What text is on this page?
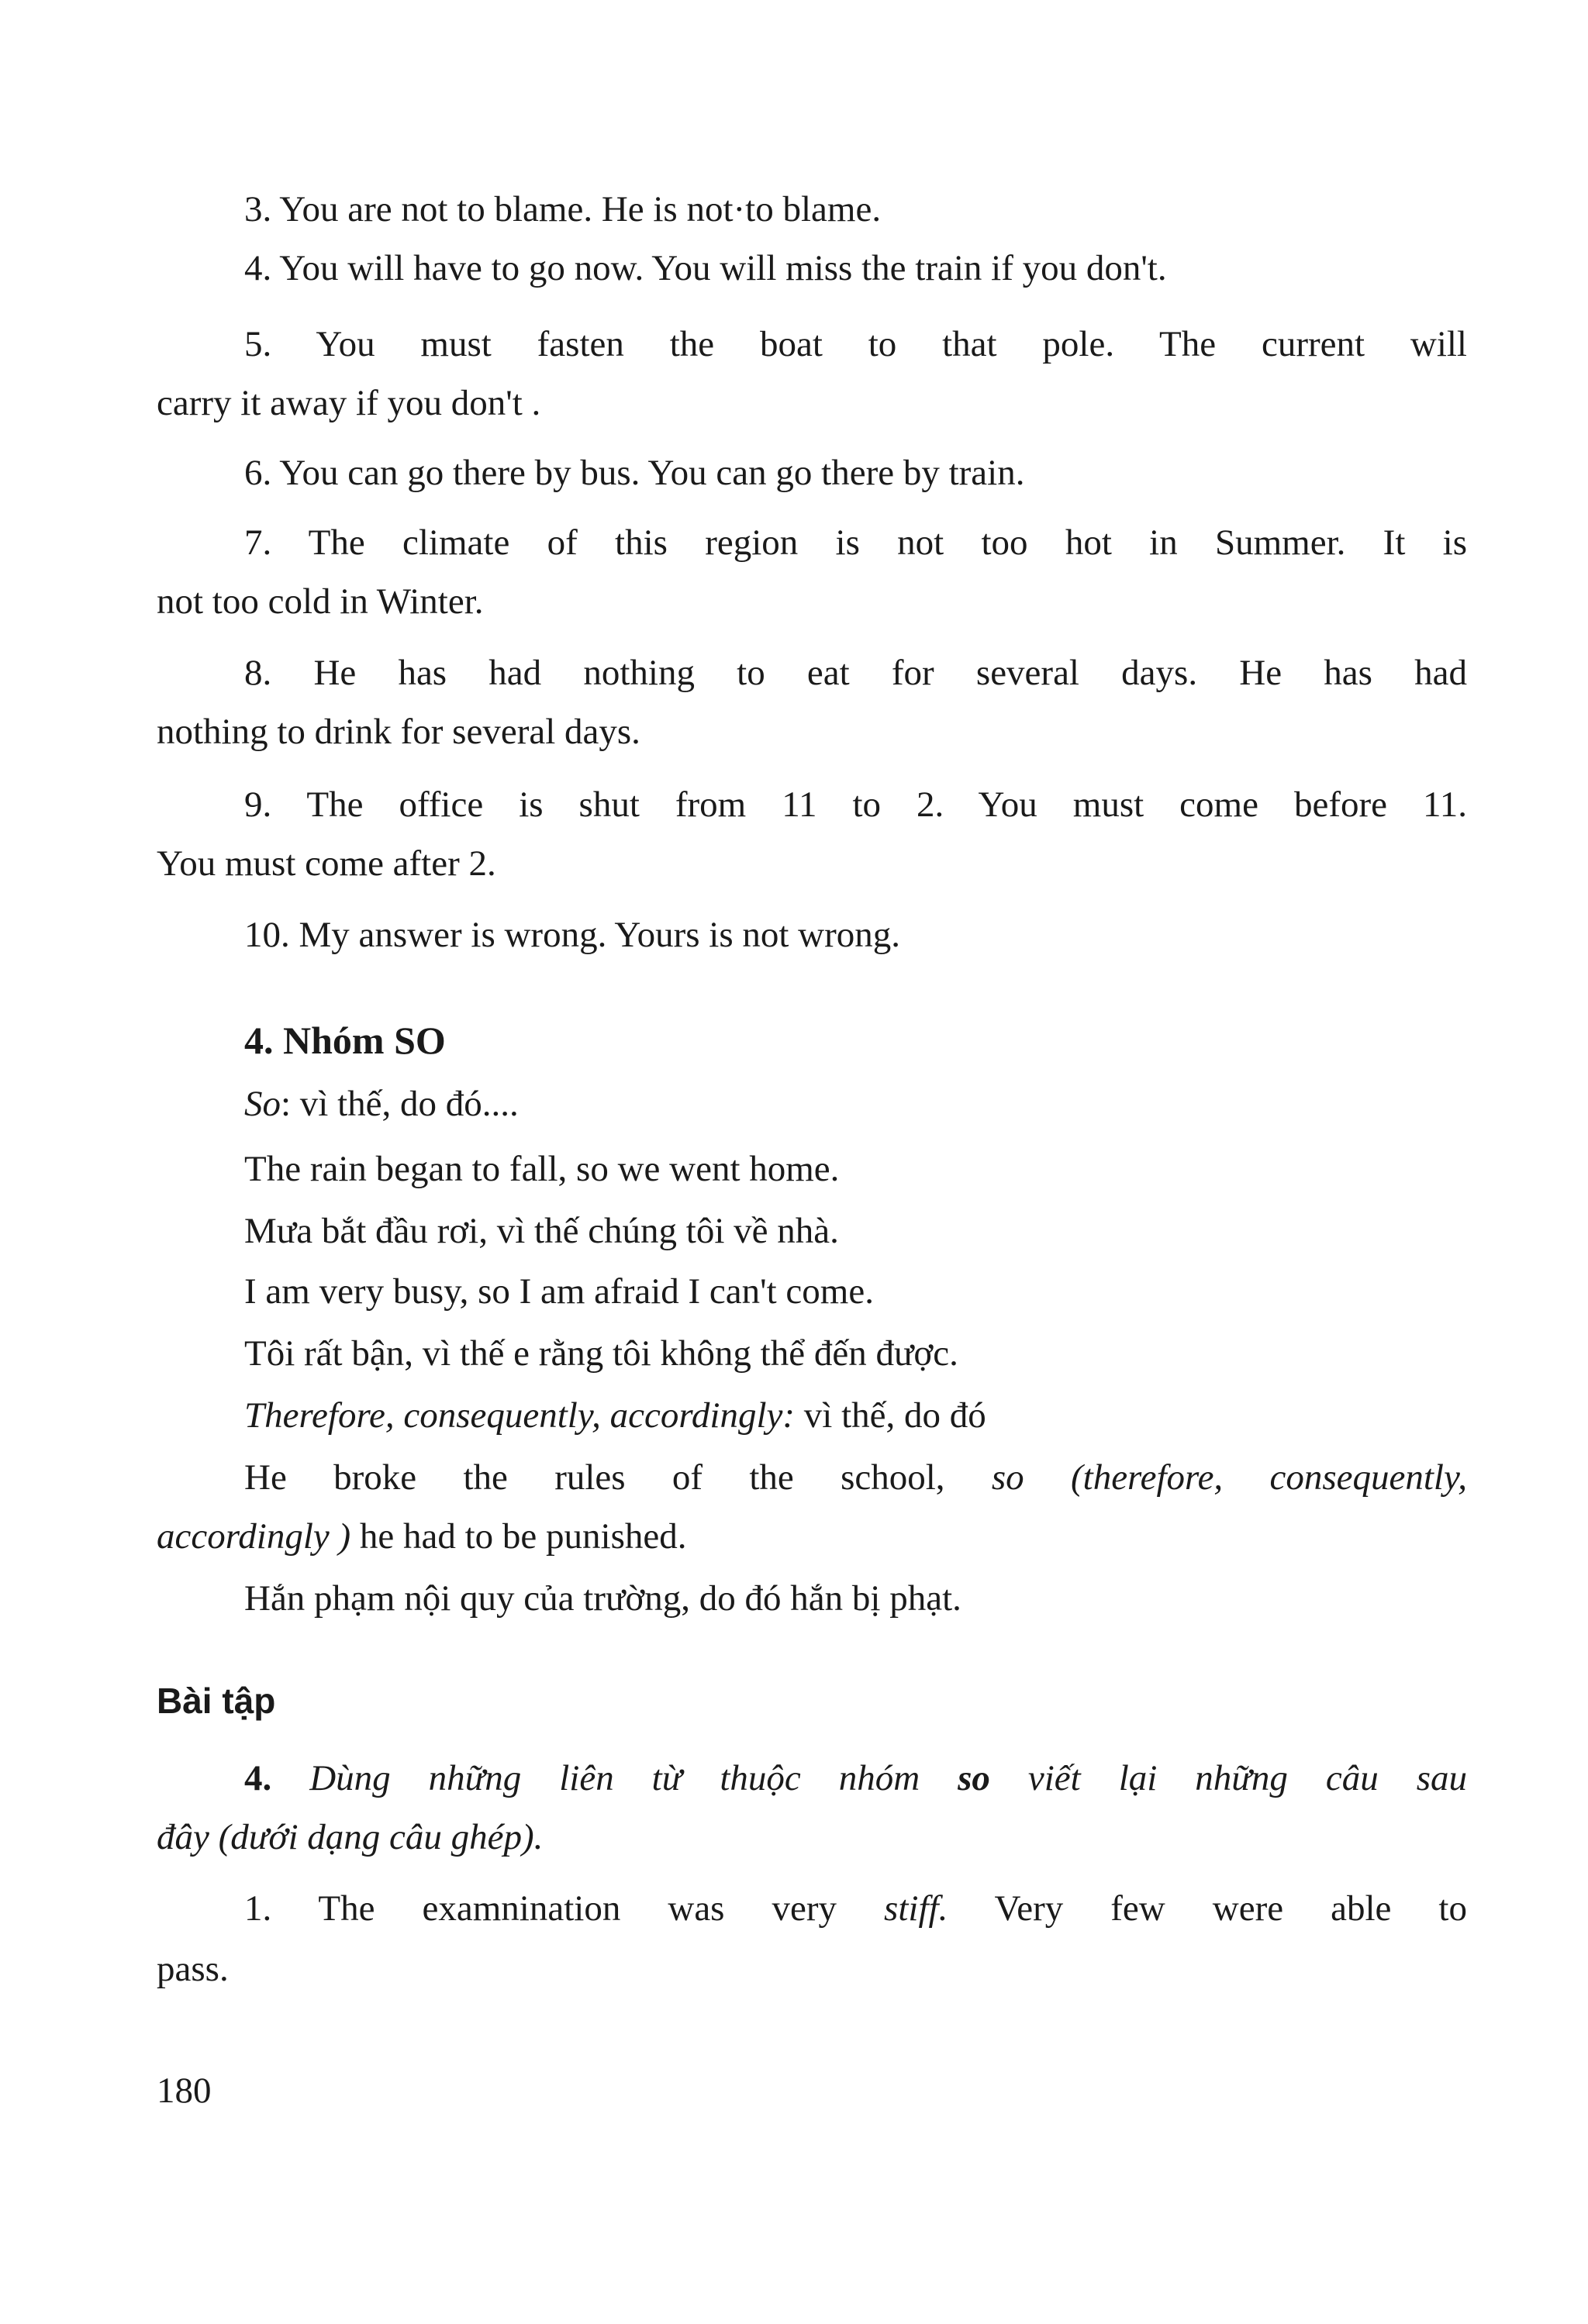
3. You are not to blame. He is not·to blame.
4. You will have to go now. You will miss the train if you don't.
5. You must fasten the boat to that pole. The current will
carry it away if you don't .
6. You can go there by bus. You can go there by train.
7. The climate of this region is not too hot in Summer. It is
not too cold in Winter.
8. He has had nothing to eat for several days. He has had
nothing to drink for several days.
9. The office is shut from 11 to 2. You must come before 11.
You must come after 2.
10. My answer is wrong. Yours is not wrong.
4. Nhóm SO
So: vì thế, do đó....
The rain began to fall, so we went home.
Mưa bắt đầu rơi, vì thế chúng tôi về nhà.
I am very busy, so I am afraid I can't come.
Tôi rất bận, vì thế e rằng tôi không thể đến được.
Therefore, consequently, accordingly: vì thế, do đó
He broke the rules of the school, so (therefore, consequently,
accordingly ) he had to be punished.
Hắn phạm nội quy của trường, do đó hắn bị phạt.
Bài tập
4. Dùng những liên từ thuộc nhóm so viết lại những câu sau
đây (dưới dạng câu ghép).
1. The examnination was very stiff. Very few were able to
pass.
180
